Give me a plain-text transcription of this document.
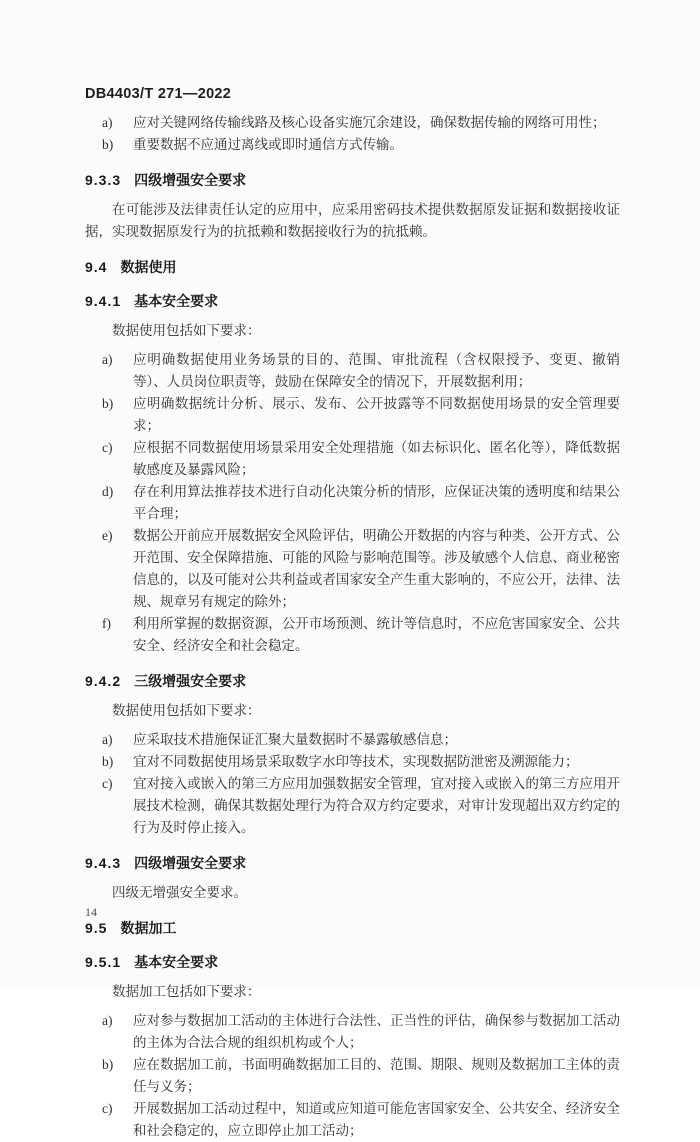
DB4403/T 271—2022
a)	应对关键网络传输线路及核心设备实施冗余建设，确保数据传输的网络可用性；
b)	重要数据不应通过离线或即时通信方式传输。
9.3.3 四级增强安全要求

在可能涉及法律责任认定的应用中，应采用密码技术提供数据原发证据和数据接收证据，实现数据原发行为的抗抵赖和数据接收行为的抗抵赖。

9.4 数据使用
9.4.1 基本安全要求

数据使用包括如下要求：

a)	应明确数据使用业务场景的目的、范围、审批流程（含权限授予、变更、撤销等）、人员岗位职责等，鼓励在保障安全的情况下，开展数据利用；
b)	应明确数据统计分析、展示、发布、公开披露等不同数据使用场景的安全管理要求；
c)	应根据不同数据使用场景采用安全处理措施（如去标识化、匿名化等），降低数据敏感度及暴露风险；
d)	存在利用算法推荐技术进行自动化决策分析的情形，应保证决策的透明度和结果公平合理；
e)	数据公开前应开展数据安全风险评估，明确公开数据的内容与种类、公开方式、公开范围、安全保障措施、可能的风险与影响范围等。涉及敏感个人信息、商业秘密信息的，以及可能对公共利益或者国家安全产生重大影响的，不应公开，法律、法规、规章另有规定的除外；
f)	利用所掌握的数据资源，公开市场预测、统计等信息时，不应危害国家安全、公共安全、经济安全和社会稳定。
9.4.2 三级增强安全要求

数据使用包括如下要求：

a)	应采取技术措施保证汇聚大量数据时不暴露敏感信息；
b)	宜对不同数据使用场景采取数字水印等技术，实现数据防泄密及溯源能力；
c)	宜对接入或嵌入的第三方应用加强数据安全管理，宜对接入或嵌入的第三方应用开展技术检测，确保其数据处理行为符合双方约定要求，对审计发现超出双方约定的行为及时停止接入。
9.4.3 四级增强安全要求

四级无增强安全要求。

9.5 数据加工
9.5.1 基本安全要求

数据加工包括如下要求：

a)	应对参与数据加工活动的主体进行合法性、正当性的评估，确保参与数据加工活动的主体为合法合规的组织机构或个人；
b)	应在数据加工前，书面明确数据加工目的、范围、期限、规则及数据加工主体的责任与义务；
c)	开展数据加工活动过程中，知道或应知道可能危害国家安全、公共安全、经济安全和社会稳定的，应立即停止加工活动；
14
